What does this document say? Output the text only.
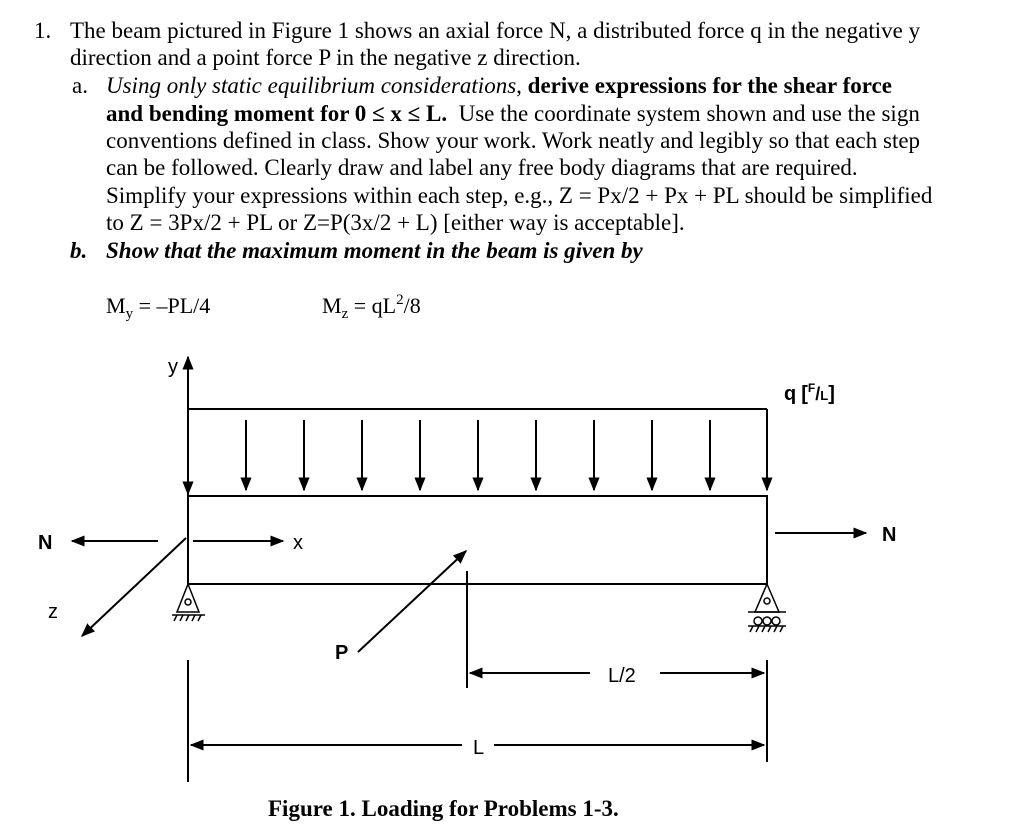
1. The beam pictured in Figure 1 shows an axial force N, a distributed force q in the negative y
direction and a point force P in the negative z direction.
a. Using only static equilibrium considerations, derive expressions for the shear force
and bending moment for 0 ≤ x ≤ L. Use the coordinate system shown and use the sign
conventions defined in class. Show your work. Work neatly and legibly so that each step
can be followed. Clearly draw and label any free body diagrams that are required.
Simplify your expressions within each step, e.g., Z = Px/2 + Px + PL should be simplified
to Z = 3Px/2 + PL or Z=P(3x/2 + L) [either way is acceptable].
b. Show that the maximum moment in the beam is given by
$M_y = -PL/4$	$M_z = qL^2/8$
y
q [$^F$/L]
x
N	N
z
P
L/2
L
Figure 1. Loading for Problems 1-3.
